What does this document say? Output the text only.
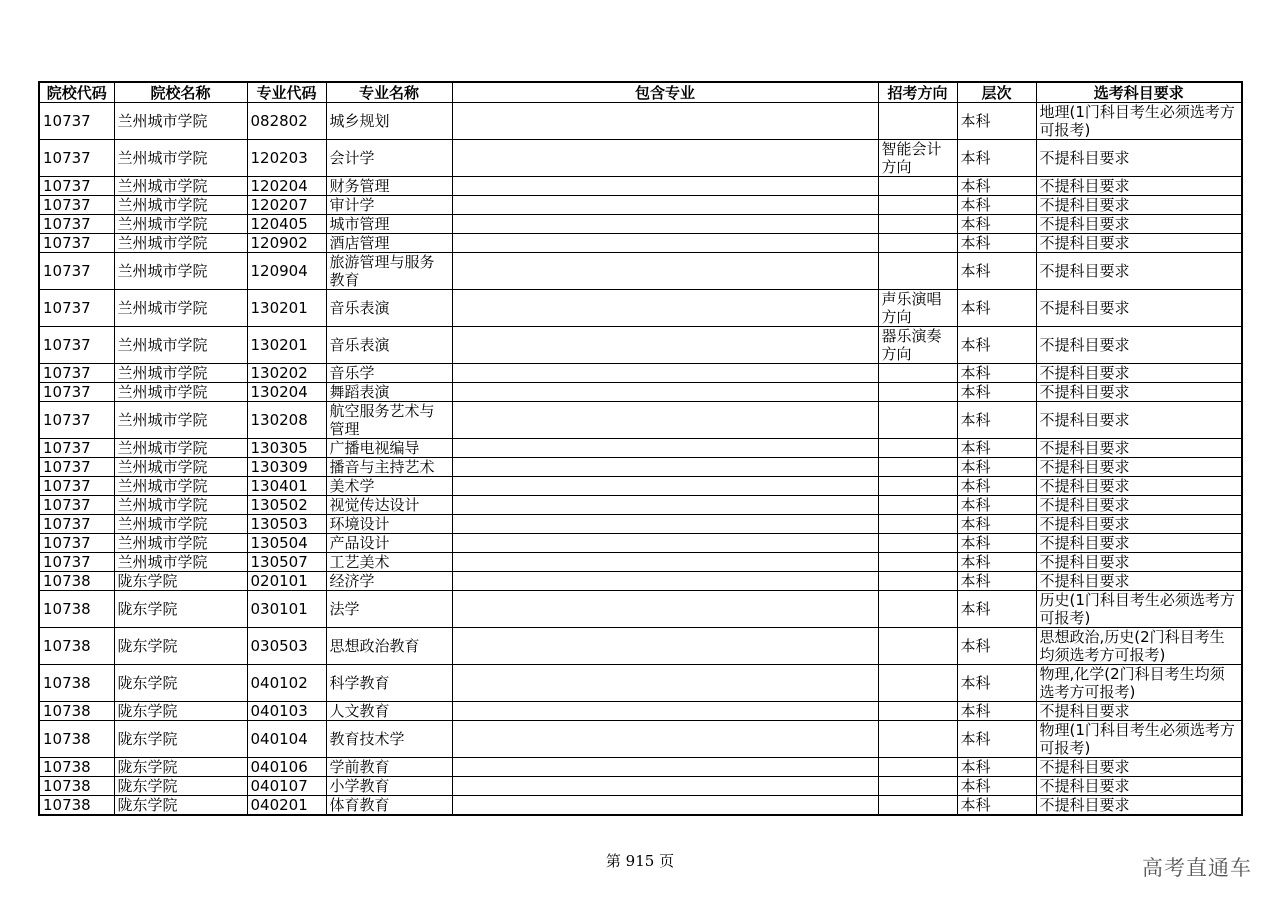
院校代码	院校名称	专业代码	专业名称	包含专业	招考方向	层次	选考科目要求
10737	兰州城市学院	082802	城乡规划			本科	地理(1门科目考生必须选考方可报考)
10737	兰州城市学院	120203	会计学		智能会计方向	本科	不提科目要求
10737	兰州城市学院	120204	财务管理			本科	不提科目要求
10737	兰州城市学院	120207	审计学			本科	不提科目要求
10737	兰州城市学院	120405	城市管理			本科	不提科目要求
10737	兰州城市学院	120902	酒店管理			本科	不提科目要求
10737	兰州城市学院	120904	旅游管理与服务教育			本科	不提科目要求
10737	兰州城市学院	130201	音乐表演		声乐演唱方向	本科	不提科目要求
10737	兰州城市学院	130201	音乐表演		器乐演奏方向	本科	不提科目要求
10737	兰州城市学院	130202	音乐学			本科	不提科目要求
10737	兰州城市学院	130204	舞蹈表演			本科	不提科目要求
10737	兰州城市学院	130208	航空服务艺术与管理			本科	不提科目要求
10737	兰州城市学院	130305	广播电视编导			本科	不提科目要求
10737	兰州城市学院	130309	播音与主持艺术			本科	不提科目要求
10737	兰州城市学院	130401	美术学			本科	不提科目要求
10737	兰州城市学院	130502	视觉传达设计			本科	不提科目要求
10737	兰州城市学院	130503	环境设计			本科	不提科目要求
10737	兰州城市学院	130504	产品设计			本科	不提科目要求
10737	兰州城市学院	130507	工艺美术			本科	不提科目要求
10738	陇东学院	020101	经济学			本科	不提科目要求
10738	陇东学院	030101	法学			本科	历史(1门科目考生必须选考方可报考)
10738	陇东学院	030503	思想政治教育			本科	思想政治,历史(2门科目考生均须选考方可报考)
10738	陇东学院	040102	科学教育			本科	物理,化学(2门科目考生均须选考方可报考)
10738	陇东学院	040103	人文教育			本科	不提科目要求
10738	陇东学院	040104	教育技术学			本科	物理(1门科目考生必须选考方可报考)
10738	陇东学院	040106	学前教育			本科	不提科目要求
10738	陇东学院	040107	小学教育			本科	不提科目要求
10738	陇东学院	040201	体育教育			本科	不提科目要求
第 915 页	高考直通车
